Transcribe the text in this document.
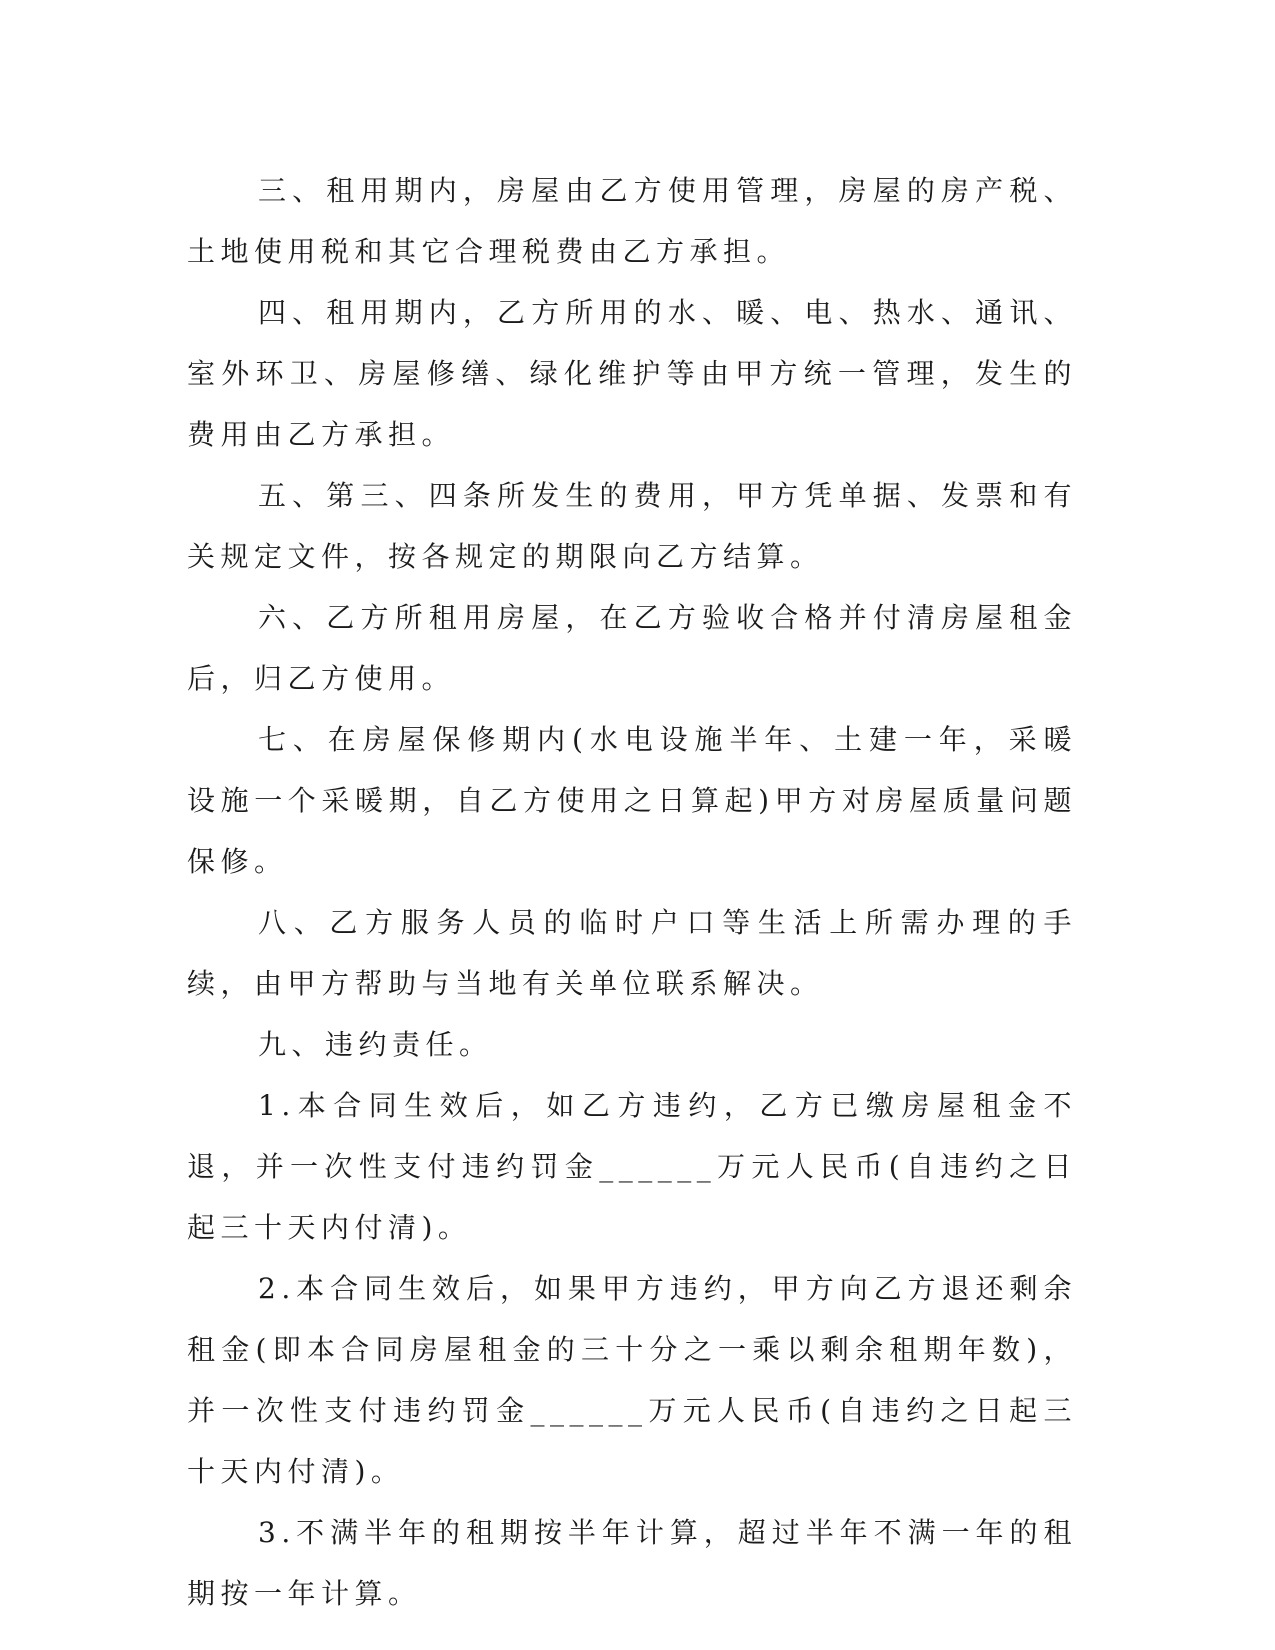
三、租用期内，房屋由乙方使用管理，房屋的房产税、土地使用税和其它合理税费由乙方承担。

四、租用期内，乙方所用的水、暖、电、热水、通讯、室外环卫、房屋修缮、绿化维护等由甲方统一管理，发生的费用由乙方承担。

五、第三、四条所发生的费用，甲方凭单据、发票和有关规定文件，按各规定的期限向乙方结算。

六、乙方所租用房屋，在乙方验收合格并付清房屋租金后，归乙方使用。

七、在房屋保修期内(水电设施半年、土建一年，采暖设施一个采暖期，自乙方使用之日算起)甲方对房屋质量问题保修。

八、乙方服务人员的临时户口等生活上所需办理的手续，由甲方帮助与当地有关单位联系解决。

九、违约责任。

1.本合同生效后，如乙方违约，乙方已缴房屋租金不退，并一次性支付违约罚金______万元人民币(自违约之日起三十天内付清)。

2.本合同生效后，如果甲方违约，甲方向乙方退还剩余租金(即本合同房屋租金的三十分之一乘以剩余租期年数)，并一次性支付违约罚金______万元人民币(自违约之日起三十天内付清)。

3.不满半年的租期按半年计算，超过半年不满一年的租期按一年计算。
